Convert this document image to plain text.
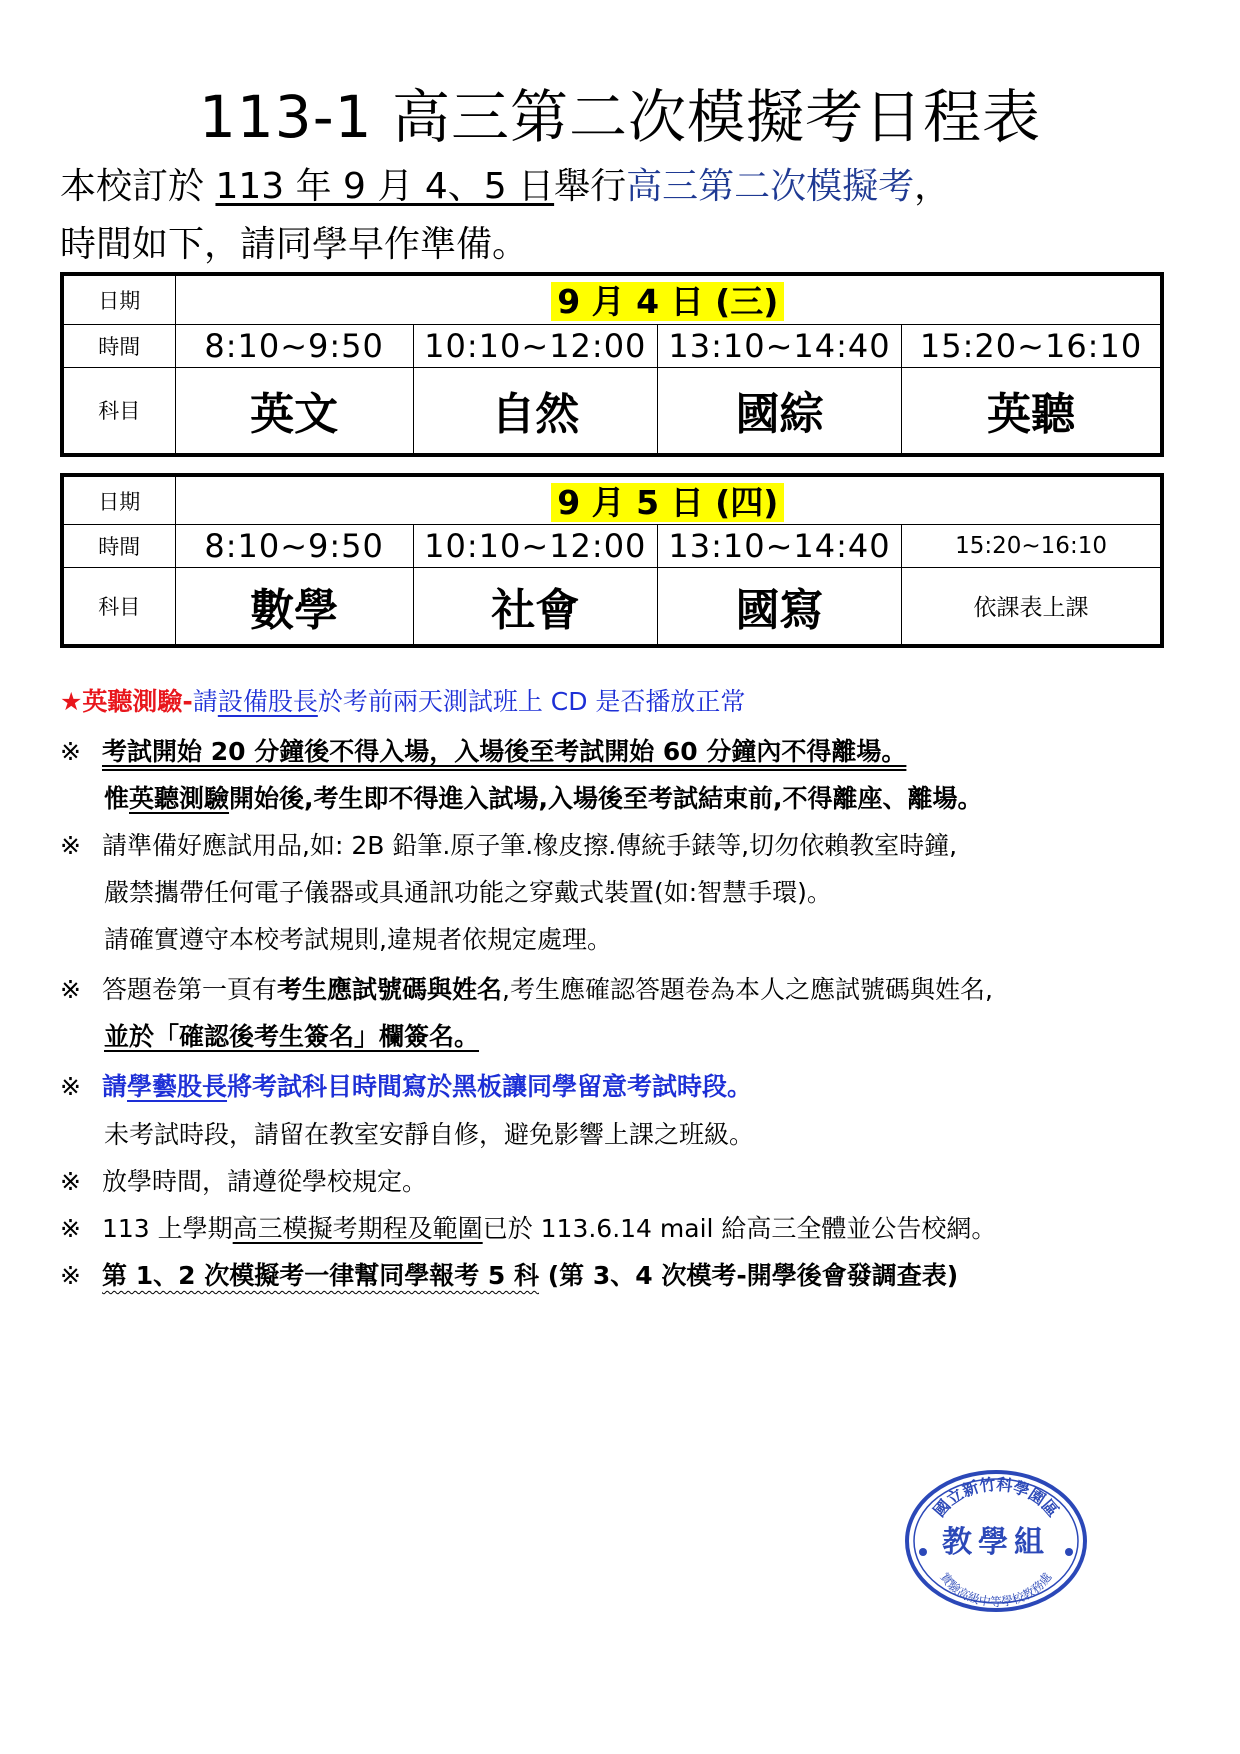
113-1 高三第二次模擬考日程表
本校訂於 113 年 9 月 4、5 日舉行高三第二次模擬考，
時間如下，請同學早作準備。
日期	9 月 4 日 (三)			
時間	8:10~9:50	10:10~12:00	13:10~14:40	15:20~16:10
科目	英文	自然	國綜	英聽
日期	9 月 5 日 (四)			
時間	8:10~9:50	10:10~12:00	13:10~14:40	15:20~16:10
科目	數學	社會	國寫	依課表上課
★英聽測驗-請設備股長於考前兩天測試班上 CD 是否播放正常
※ 考試開始 20 分鐘後不得入場，入場後至考試開始 60 分鐘內不得離場。
惟英聽測驗開始後,考生即不得進入試場,入場後至考試結束前,不得離座、離場。
※ 請準備好應試用品,如: 2B 鉛筆.原子筆.橡皮擦.傳統手錶等,切勿依賴教室時鐘,
嚴禁攜帶任何電子儀器或具通訊功能之穿戴式裝置(如:智慧手環)。
請確實遵守本校考試規則,違規者依規定處理。
※ 答題卷第一頁有考生應試號碼與姓名,考生應確認答題卷為本人之應試號碼與姓名,
並於「確認後考生簽名」欄簽名。
※ 請學藝股長將考試科目時間寫於黑板讓同學留意考試時段。
未考試時段，請留在教室安靜自修，避免影響上課之班級。
※ 放學時間，請遵從學校規定。
※ 113 上學期高三模擬考期程及範圍已於 113.6.14 mail 給高三全體並公告校網。
※ 第 1、2 次模擬考一律幫同學報考 5 科 (第 3、4 次模考-開學後會發調查表)
國立新竹科學園區
教學組
實驗高級中等學校教務處
